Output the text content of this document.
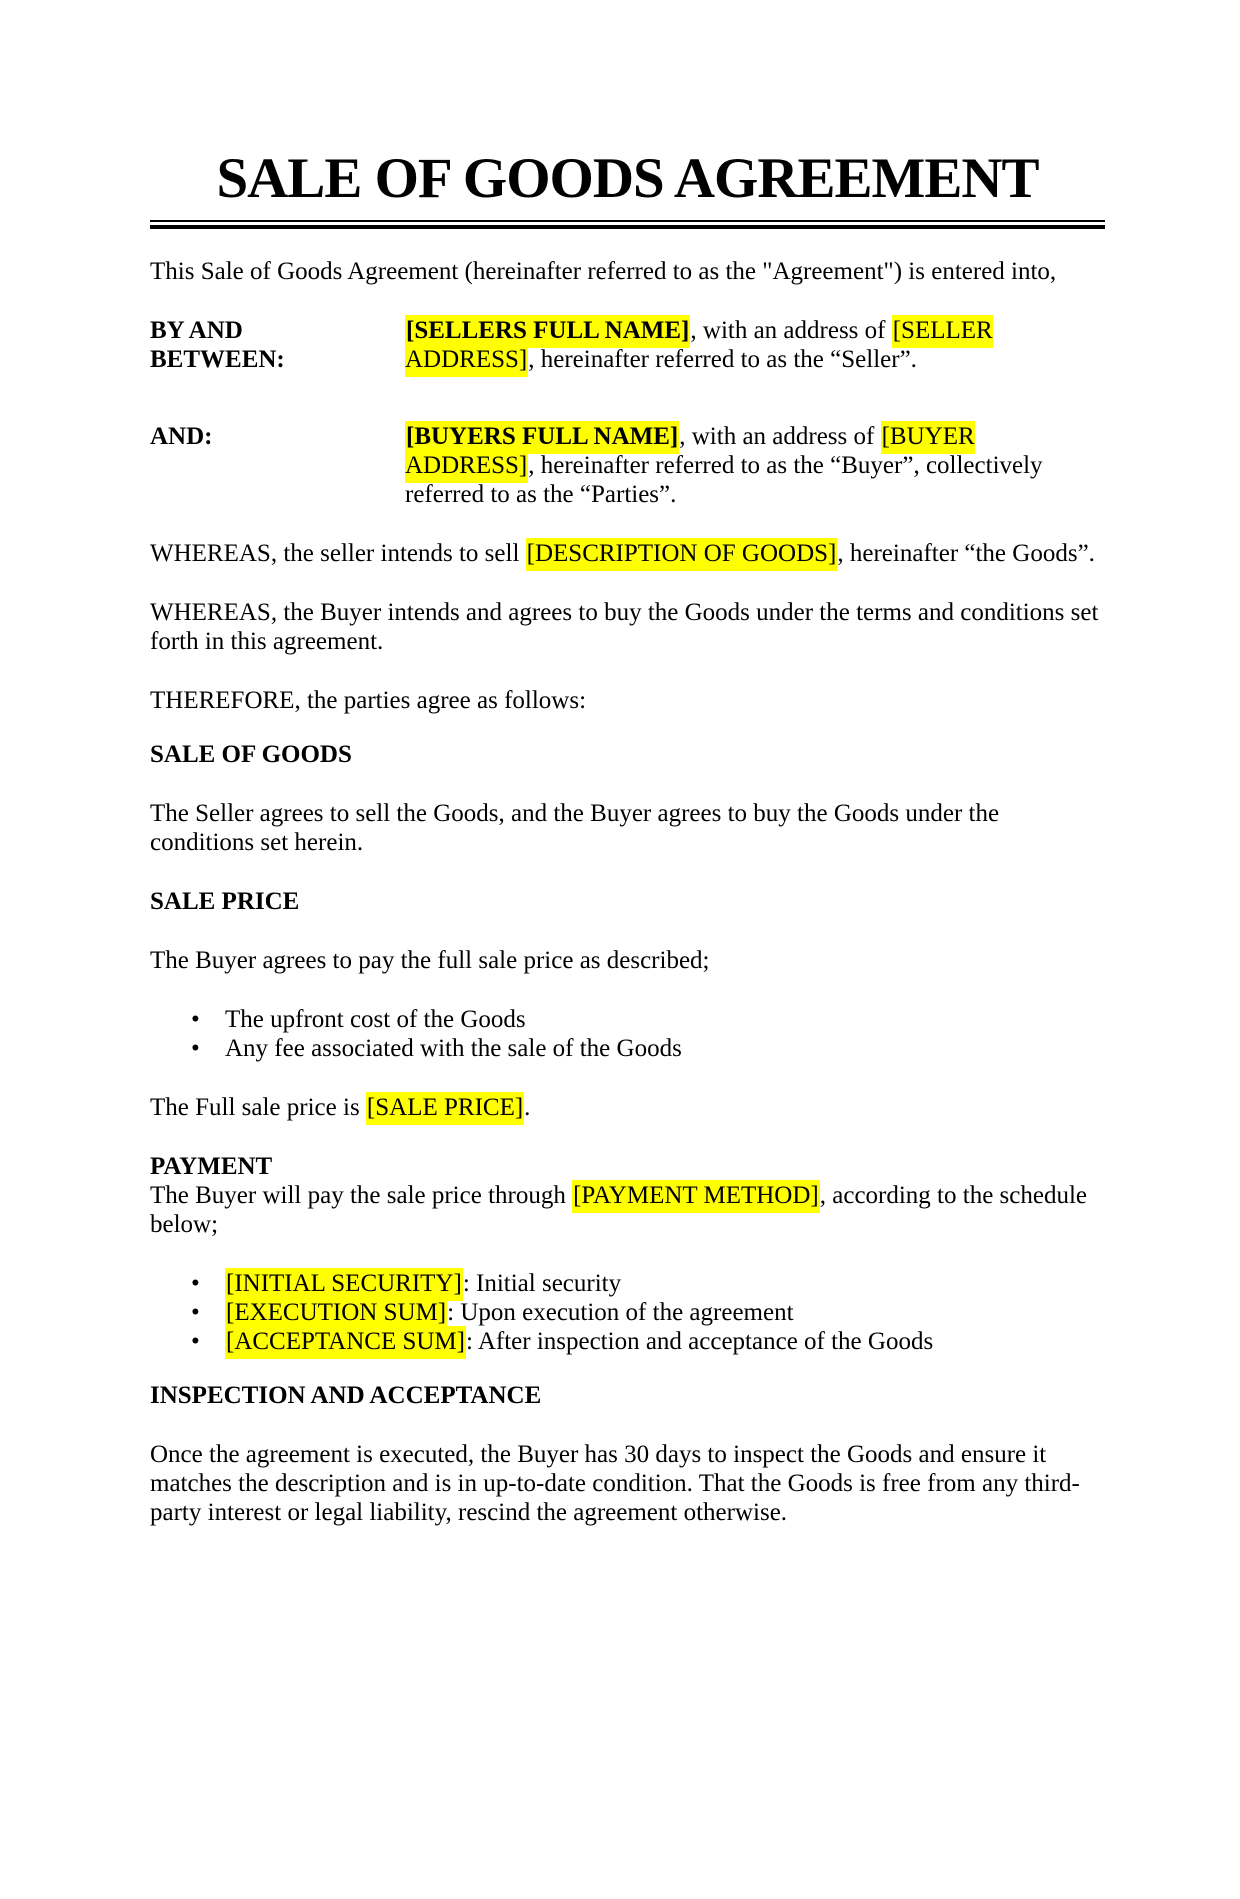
SALE OF GOODS AGREEMENT
This Sale of Goods Agreement (hereinafter referred to as the "Agreement") is entered into,
BY AND BETWEEN:
[SELLERS FULL NAME], with an address of [SELLER ADDRESS], hereinafter referred to as the “Seller”.
AND:	[BUYERS FULL NAME], with an address of [BUYER ADDRESS], hereinafter referred to as the “Buyer”, collectively referred to as the “Parties”.
WHEREAS, the seller intends to sell [DESCRIPTION OF GOODS], hereinafter “the Goods”.
WHEREAS, the Buyer intends and agrees to buy the Goods under the terms and conditions set forth in this agreement.
THEREFORE, the parties agree as follows:
SALE OF GOODS
The Seller agrees to sell the Goods, and the Buyer agrees to buy the Goods under the conditions set herein.
SALE PRICE
The Buyer agrees to pay the full sale price as described;
• The upfront cost of the Goods
• Any fee associated with the sale of the Goods
The Full sale price is [SALE PRICE].
PAYMENT
The Buyer will pay the sale price through [PAYMENT METHOD], according to the schedule below;
• [INITIAL SECURITY]: Initial security
• [EXECUTION SUM]: Upon execution of the agreement
• [ACCEPTANCE SUM]: After inspection and acceptance of the Goods
INSPECTION AND ACCEPTANCE
Once the agreement is executed, the Buyer has 30 days to inspect the Goods and ensure it matches the description and is in up-to-date condition. That the Goods is free from any third-party interest or legal liability, rescind the agreement otherwise.
